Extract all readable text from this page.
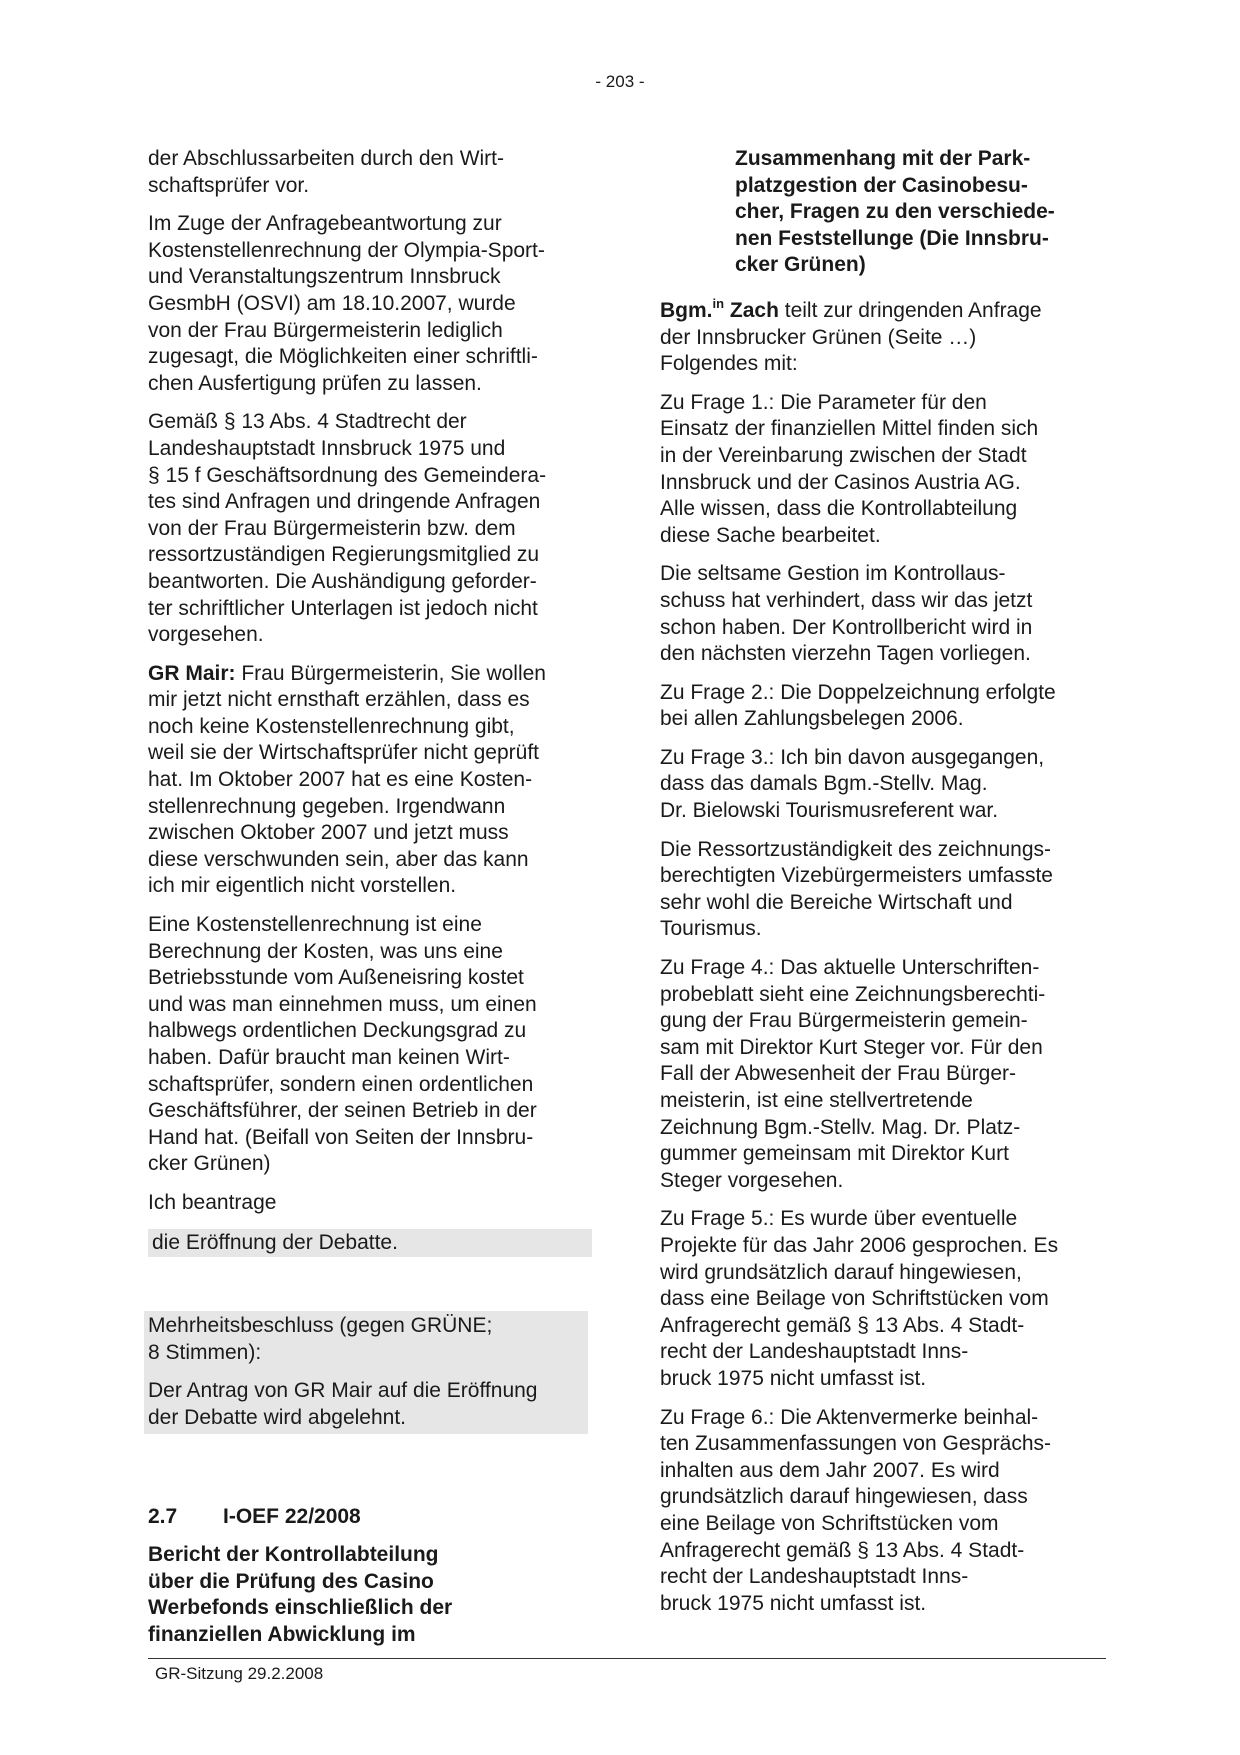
- 203 -

der Abschlussarbeiten durch den Wirt-
schaftsprüfer vor.

Im Zuge der Anfragebeantwortung zur
Kostenstellenrechnung der Olympia-Sport-
und Veranstaltungszentrum Innsbruck
GesmbH (OSVI) am 18.10.2007, wurde
von der Frau Bürgermeisterin lediglich
zugesagt, die Möglichkeiten einer schriftli-
chen Ausfertigung prüfen zu lassen.

Gemäß § 13 Abs. 4 Stadtrecht der
Landeshauptstadt Innsbruck 1975 und
§ 15 f Geschäftsordnung des Gemeindera-
tes sind Anfragen und dringende Anfragen
von der Frau Bürgermeisterin bzw. dem
ressortzuständigen Regierungsmitglied zu
beantworten. Die Aushändigung geforder-
ter schriftlicher Unterlagen ist jedoch nicht
vorgesehen.

GR Mair: Frau Bürgermeisterin, Sie wollen
mir jetzt nicht ernsthaft erzählen, dass es
noch keine Kostenstellenrechnung gibt,
weil sie der Wirtschaftsprüfer nicht geprüft
hat. Im Oktober 2007 hat es eine Kosten-
stellenrechnung gegeben. Irgendwann
zwischen Oktober 2007 und jetzt muss
diese verschwunden sein, aber das kann
ich mir eigentlich nicht vorstellen.

Eine Kostenstellenrechnung ist eine
Berechnung der Kosten, was uns eine
Betriebsstunde vom Außeneisring kostet
und was man einnehmen muss, um einen
halbwegs ordentlichen Deckungsgrad zu
haben. Dafür braucht man keinen Wirt-
schaftsprüfer, sondern einen ordentlichen
Geschäftsführer, der seinen Betrieb in der
Hand hat. (Beifall von Seiten der Innsbru-
cker Grünen)

Ich beantrage

die Eröffnung der Debatte.

Mehrheitsbeschluss (gegen GRÜNE;
8 Stimmen):

Der Antrag von GR Mair auf die Eröffnung
der Debatte wird abgelehnt.

2.7	I-OEF 22/2008

Bericht der Kontrollabteilung
über die Prüfung des Casino
Werbefonds einschließlich der
finanziellen Abwicklung im

Zusammenhang mit der Park-
platzgestion der Casinobesu-
cher, Fragen zu den verschiede-
nen Feststellunge (Die Innsbru-
cker Grünen)

Bgm.$^{in}$ Zach teilt zur dringenden Anfrage
der Innsbrucker Grünen (Seite …)
Folgendes mit:

Zu Frage 1.: Die Parameter für den
Einsatz der finanziellen Mittel finden sich
in der Vereinbarung zwischen der Stadt
Innsbruck und der Casinos Austria AG.
Alle wissen, dass die Kontrollabteilung
diese Sache bearbeitet.

Die seltsame Gestion im Kontrollaus-
schuss hat verhindert, dass wir das jetzt
schon haben. Der Kontrollbericht wird in
den nächsten vierzehn Tagen vorliegen.

Zu Frage 2.: Die Doppelzeichnung erfolgte
bei allen Zahlungsbelegen 2006.

Zu Frage 3.: Ich bin davon ausgegangen,
dass das damals Bgm.-Stellv. Mag.
Dr. Bielowski Tourismusreferent war.

Die Ressortzuständigkeit des zeichnungs-
berechtigten Vizebürgermeisters umfasste
sehr wohl die Bereiche Wirtschaft und
Tourismus.

Zu Frage 4.: Das aktuelle Unterschriften-
probeblatt sieht eine Zeichnungsberechti-
gung der Frau Bürgermeisterin gemein-
sam mit Direktor Kurt Steger vor. Für den
Fall der Abwesenheit der Frau Bürger-
meisterin, ist eine stellvertretende
Zeichnung Bgm.-Stellv. Mag. Dr. Platz-
gummer gemeinsam mit Direktor Kurt
Steger vorgesehen.

Zu Frage 5.: Es wurde über eventuelle
Projekte für das Jahr 2006 gesprochen. Es
wird grundsätzlich darauf hingewiesen,
dass eine Beilage von Schriftstücken vom
Anfragerecht gemäß § 13 Abs. 4 Stadt-
recht der Landeshauptstadt Inns-
bruck 1975 nicht umfasst ist.

Zu Frage 6.: Die Aktenvermerke beinhal-
ten Zusammenfassungen von Gesprächs-
inhalten aus dem Jahr 2007. Es wird
grundsätzlich darauf hingewiesen, dass
eine Beilage von Schriftstücken vom
Anfragerecht gemäß § 13 Abs. 4 Stadt-
recht der Landeshauptstadt Inns-
bruck 1975 nicht umfasst ist.

GR-Sitzung 29.2.2008
